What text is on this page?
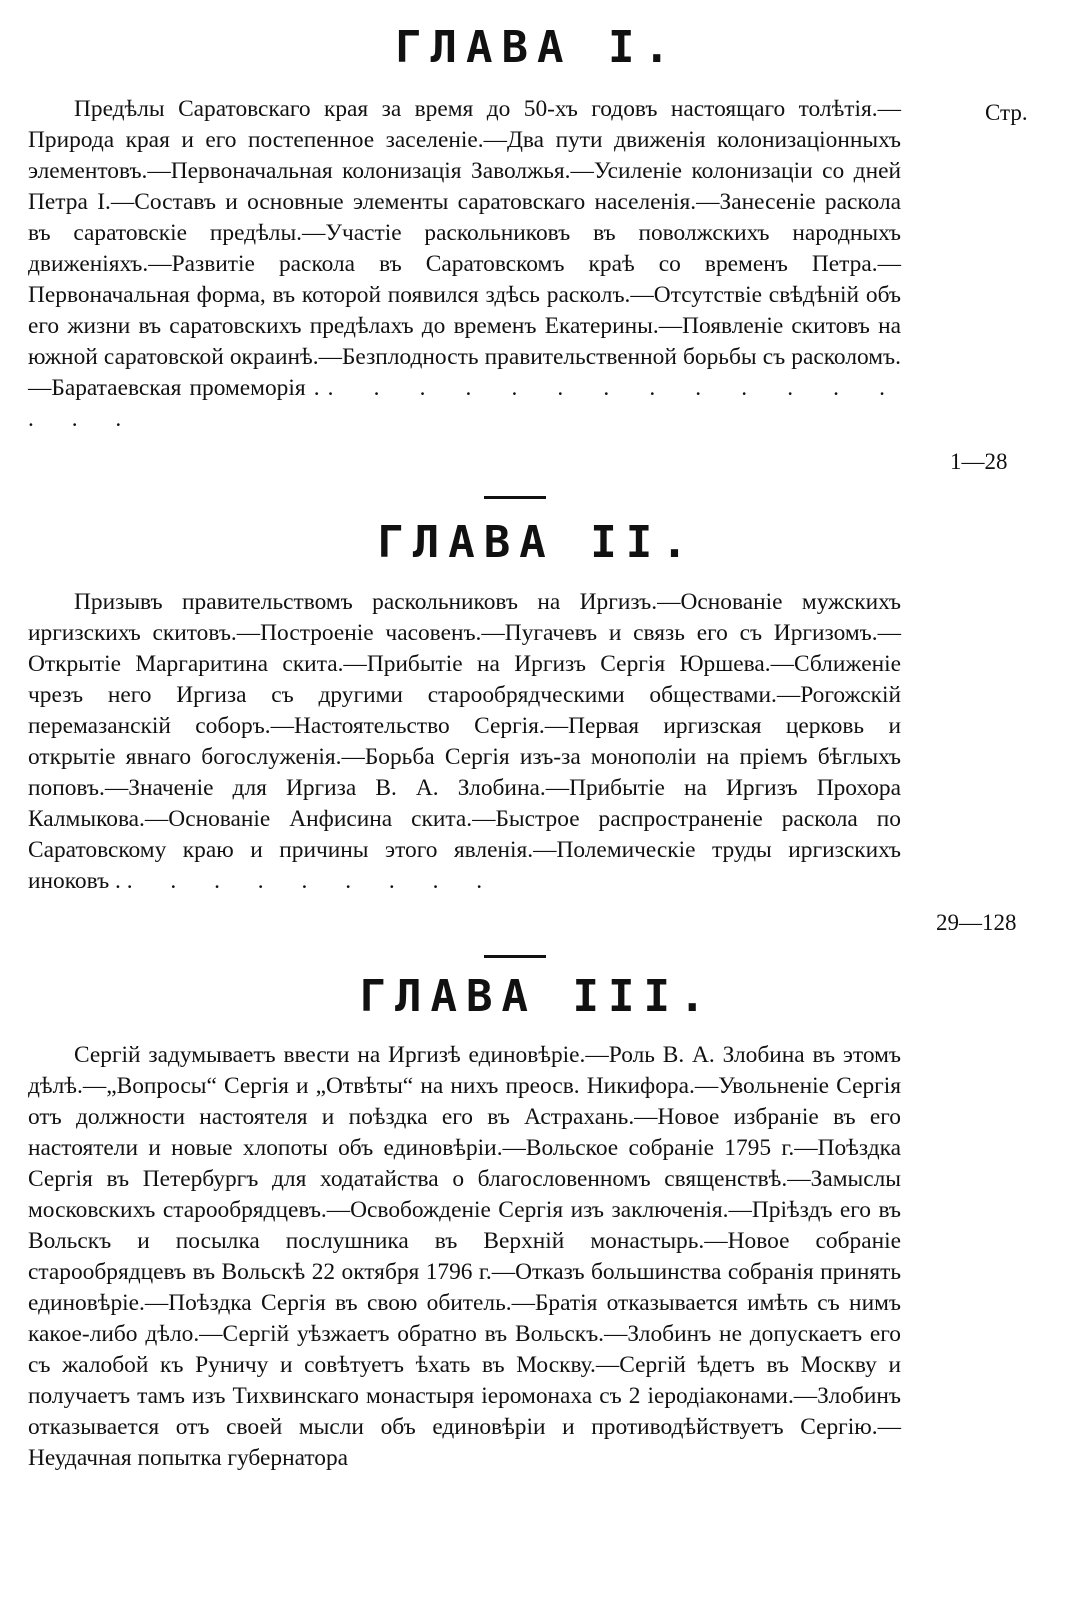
ГЛАВА I.
Стр.

Предѣлы Саратовскаго края за время до 50-хъ годовъ настоящаго толѣтія.—Природа края и его постепенное заселеніе.—Два пути движенія колонизаціонныхъ элементовъ.—Первоначальная колонизація Заволжья.—Усиленіе колонизаціи со дней Петра I.—Составъ и основные элементы саратовскаго населенія.—Занесеніе раскола въ саратовскіе предѣлы.—Участіе раскольниковъ въ поволжскихъ народныхъ движеніяхъ.—Развитіе раскола въ Саратовскомъ краѣ со временъ Петра.—Первоначальная форма, въ которой появился здѣсь расколъ.—Отсутствіе свѣдѣній объ его жизни въ саратовскихъ предѣлахъ до временъ Екатерины.—Появленіе скитовъ на южной саратовской окраинѣ.—Безплодность правительственной борьбы съ расколомъ.—Баратаевская промеморія . . . . . . . . . . . . . . . . .

1—28
ГЛАВА II.

Призывъ правительствомъ раскольниковъ на Иргизъ.—Основаніе мужскихъ иргизскихъ скитовъ.—Построеніе часовенъ.—Пугачевъ и связь его съ Иргизомъ.—Открытіе Маргаритина скита.—Прибытіе на Иргизъ Сергія Юршева.—Сближеніе чрезъ него Иргиза съ другими старообрядческими обществами.—Рогожскій перемазанскій соборъ.—Настоятельство Сергія.—Первая иргизская церковь и открытіе явнаго богослуженія.—Борьба Сергія изъ-за монополіи на пріемъ бѣглыхъ поповъ.—Значеніе для Иргиза В. А. Злобина.—Прибытіе на Иргизъ Прохора Калмыкова.—Основаніе Анфисина скита.—Быстрое распространеніе раскола по Саратовскому краю и причины этого явленія.—Полемическіе труды иргизскихъ иноковъ . . . . . . . . . .

29—128
ГЛАВА III.

Сергій задумываетъ ввести на Иргизѣ единовѣріе.—Роль В. А. Злобина въ этомъ дѣлѣ.—„Вопросы“ Сергія и „Отвѣты“ на нихъ преосв. Никифора.—Увольненіе Сергія отъ должности настоятеля и поѣздка его въ Астрахань.—Новое избраніе въ его настоятели и новые хлопоты объ единовѣріи.—Вольское собраніе 1795 г.—Поѣздка Сергія въ Петербургъ для ходатайства о благословенномъ священствѣ.—Замыслы московскихъ старообрядцевъ.—Освобожденіе Сергія изъ заключенія.—Пріѣздъ его въ Вольскъ и посылка послушника въ Верхній монастырь.—Новое собраніе старообрядцевъ въ Вольскѣ 22 октября 1796 г.—Отказъ большинства собранія принять единовѣріе.—Поѣздка Сергія въ свою обитель.—Братія отказывается имѣть съ нимъ какое-либо дѣло.—Сергій уѣзжаетъ обратно въ Вольскъ.—Злобинъ не допускаетъ его съ жалобой къ Руничу и совѣтуетъ ѣхать въ Москву.—Сергій ѣдетъ въ Москву и получаетъ тамъ изъ Тихвинскаго монастыря іеромонаха съ 2 іеродіаконами.—Злобинъ отказывается отъ своей мысли объ единовѣріи и противодѣйствуетъ Сергію.—Неудачная попытка губернатора
